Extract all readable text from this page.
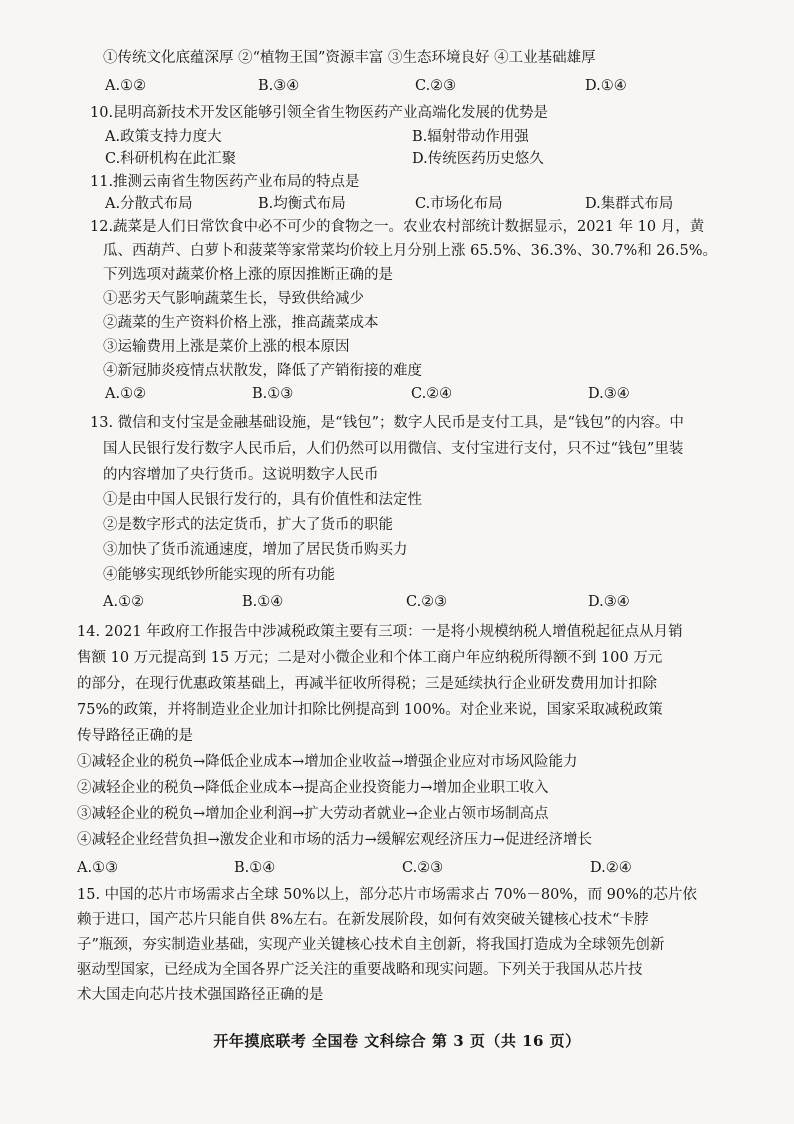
①传统文化底蕴深厚 ②“植物王国”资源丰富 ③生态环境良好 ④工业基础雄厚
A.①②	B.③④	C.②③	D.①④
10.昆明高新技术开发区能够引领全省生物医药产业高端化发展的优势是
A.政策支持力度大	B.辐射带动作用强
C.科研机构在此汇聚	D.传统医药历史悠久
11.推测云南省生物医药产业布局的特点是
A.分散式布局	B.均衡式布局	C.市场化布局	D.集群式布局
12.蔬菜是人们日常饮食中必不可少的食物之一。农业农村部统计数据显示，2021 年 10 月，黄
瓜、西葫芦、白萝卜和菠菜等家常菜均价较上月分别上涨 65.5%、36.3%、30.7%和 26.5%。
下列选项对蔬菜价格上涨的原因推断正确的是
①恶劣天气影响蔬菜生长，导致供给减少
②蔬菜的生产资料价格上涨，推高蔬菜成本
③运输费用上涨是菜价上涨的根本原因
④新冠肺炎疫情点状散发，降低了产销衔接的难度
A.①②	B.①③	C.②④	D.③④
13. 微信和支付宝是金融基础设施，是“钱包”；数字人民币是支付工具，是“钱包”的内容。中
国人民银行发行数字人民币后，人们仍然可以用微信、支付宝进行支付，只不过“钱包”里装
的内容增加了央行货币。这说明数字人民币
①是由中国人民银行发行的，具有价值性和法定性
②是数字形式的法定货币，扩大了货币的职能
③加快了货币流通速度，增加了居民货币购买力
④能够实现纸钞所能实现的所有功能
A.①②	B.①④	C.②③	D.③④
14. 2021 年政府工作报告中涉减税政策主要有三项：一是将小规模纳税人增值税起征点从月销
售额 10 万元提高到 15 万元；二是对小微企业和个体工商户年应纳税所得额不到 100 万元
的部分，在现行优惠政策基础上，再减半征收所得税；三是延续执行企业研发费用加计扣除
75%的政策，并将制造业企业加计扣除比例提高到 100%。对企业来说，国家采取减税政策
传导路径正确的是
①减轻企业的税负→降低企业成本→增加企业收益→增强企业应对市场风险能力
②减轻企业的税负→降低企业成本→提高企业投资能力→增加企业职工收入
③减轻企业的税负→增加企业利润→扩大劳动者就业→企业占领市场制高点
④减轻企业经营负担→激发企业和市场的活力→缓解宏观经济压力→促进经济增长
A.①③	B.①④	C.②③	D.②④
15. 中国的芯片市场需求占全球 50%以上，部分芯片市场需求占 70%－80%，而 90%的芯片依
赖于进口，国产芯片只能自供 8%左右。在新发展阶段，如何有效突破关键核心技术“卡脖
子”瓶颈，夯实制造业基础，实现产业关键核心技术自主创新，将我国打造成为全球领先创新
驱动型国家，已经成为全国各界广泛关注的重要战略和现实问题。下列关于我国从芯片技
术大国走向芯片技术强国路径正确的是
开年摸底联考 全国卷 文科综合 第 3 页（共 16 页）
